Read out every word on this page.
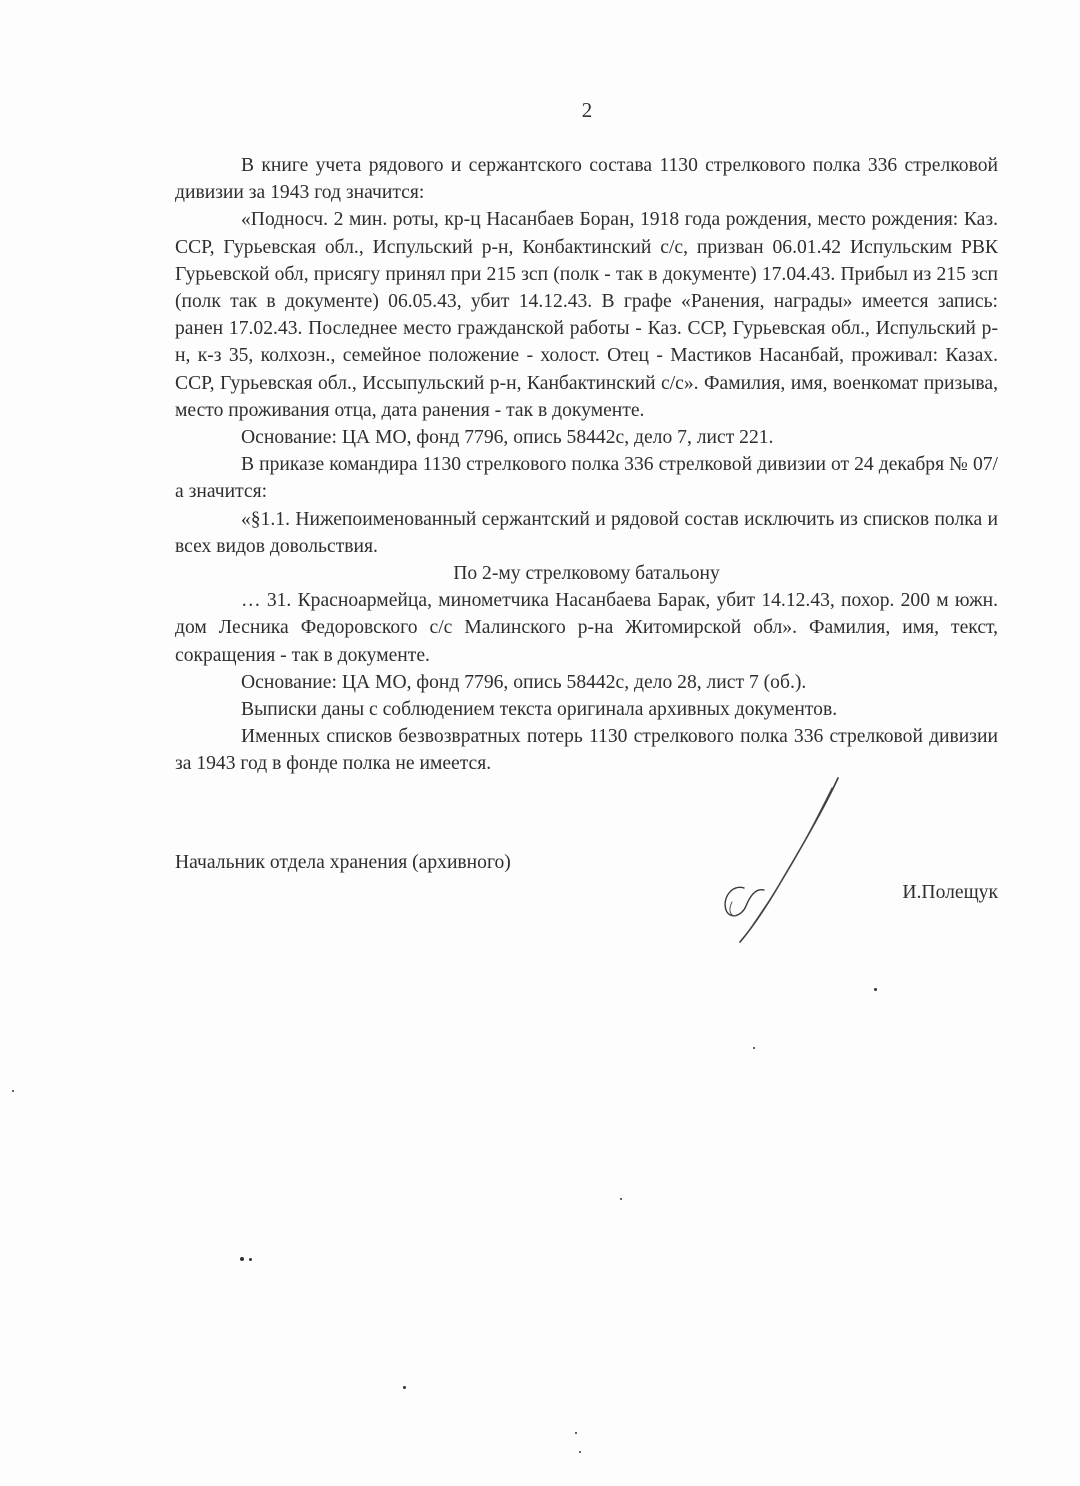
2

В книге учета рядового и сержантского состава 1130 стрелкового полка 336 стрелковой дивизии за 1943 год значится:

«Подносч. 2 мин. роты, кр-ц Насанбаев Боран, 1918 года рождения, место рождения: Каз. ССР, Гурьевская обл., Испульский р-н, Конбактинский с/с, призван 06.01.42 Испульским РВК Гурьевской обл, присягу принял при 215 зсп (полк - так в документе) 17.04.43. Прибыл из 215 зсп (полк так в документе) 06.05.43, убит 14.12.43. В графе «Ранения, награды» имеется запись: ранен 17.02.43. Последнее место гражданской работы - Каз. ССР, Гурьевская обл., Испульский р-н, к-з 35, колхозн., семейное положение - холост. Отец - Мастиков Насанбай, проживал: Казах. ССР, Гурьевская обл., Иссыпульский р-н, Канбактинский с/с». Фамилия, имя, военкомат призыва, место проживания отца, дата ранения - так в документе.

Основание: ЦА МО, фонд 7796, опись 58442с, дело 7, лист 221.

В приказе командира 1130 стрелкового полка 336 стрелковой дивизии от 24 декабря № 07/а значится:

«§1.1. Нижепоименованный сержантский и рядовой состав исключить из списков полка и всех видов довольствия.

По 2-му стрелковому батальону

… 31. Красноармейца, минометчика Насанбаева Барак, убит 14.12.43, похор. 200 м южн. дом Лесника Федоровского с/с Малинского р-на Житомирской обл». Фамилия, имя, текст, сокращения - так в документе.

Основание: ЦА МО, фонд 7796, опись 58442с, дело 28, лист 7 (об.).

Выписки даны с соблюдением текста оригинала архивных документов.

Именных списков безвозвратных потерь 1130 стрелкового полка 336 стрелковой дивизии за 1943 год в фонде полка не имеется.

Начальник отдела хранения (архивного)
И.Полещук
